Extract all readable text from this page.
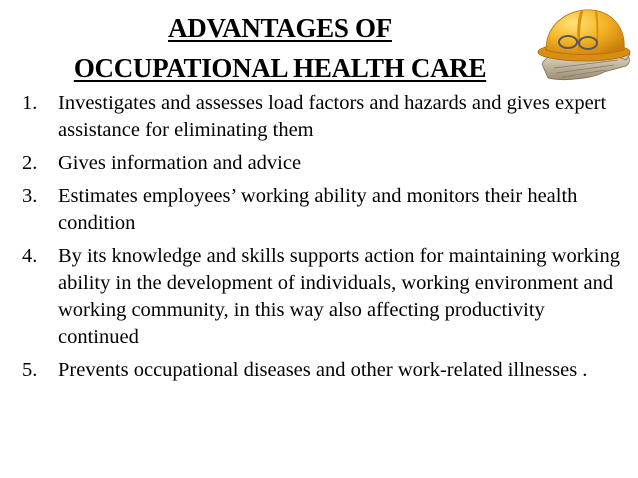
ADVANTAGES OF
OCCUPATIONAL HEALTH CARE
1. Investigates and assesses load factors and hazards and gives expert assistance for eliminating them
2. Gives information and advice
3. Estimates employees’ working ability and monitors their health condition
4. By its knowledge and skills supports action for maintaining working ability in the development of individuals, working environment and working community, in this way also affecting productivity continued
5. Prevents occupational diseases and other work-related illnesses .
